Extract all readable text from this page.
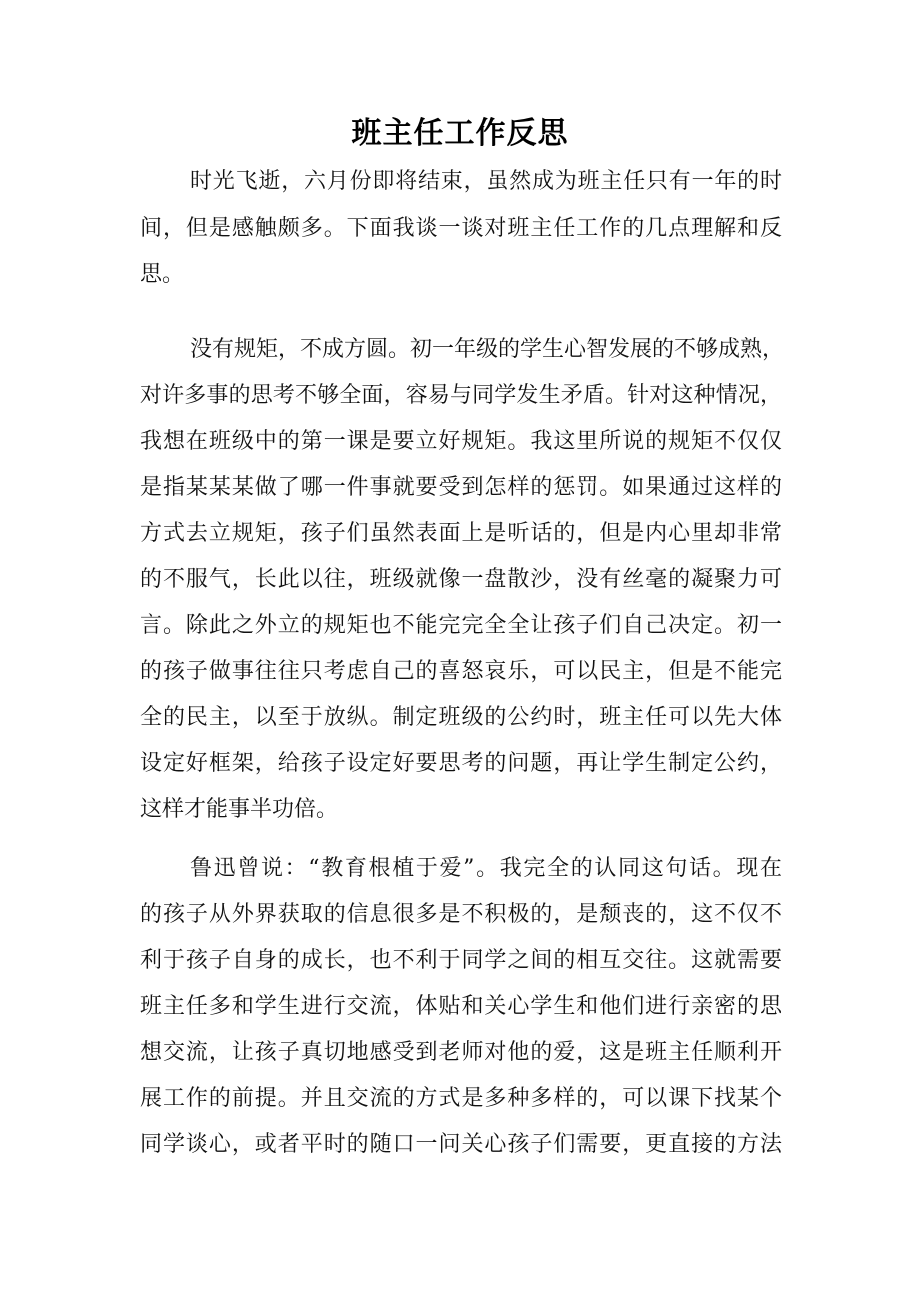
班主任工作反思
时光飞逝，六月份即将结束，虽然成为班主任只有一年的时
间，但是感触颇多。下面我谈一谈对班主任工作的几点理解和反
思。
没有规矩，不成方圆。初一年级的学生心智发展的不够成熟，
对许多事的思考不够全面，容易与同学发生矛盾。针对这种情况，
我想在班级中的第一课是要立好规矩。我这里所说的规矩不仅仅
是指某某某做了哪一件事就要受到怎样的惩罚。如果通过这样的
方式去立规矩，孩子们虽然表面上是听话的，但是内心里却非常
的不服气，长此以往，班级就像一盘散沙，没有丝毫的凝聚力可
言。除此之外立的规矩也不能完完全全让孩子们自己决定。初一
的孩子做事往往只考虑自己的喜怒哀乐，可以民主，但是不能完
全的民主，以至于放纵。制定班级的公约时，班主任可以先大体
设定好框架，给孩子设定好要思考的问题，再让学生制定公约，
这样才能事半功倍。
鲁迅曾说：“教育根植于爱”。我完全的认同这句话。现在
的孩子从外界获取的信息很多是不积极的，是颓丧的，这不仅不
利于孩子自身的成长，也不利于同学之间的相互交往。这就需要
班主任多和学生进行交流，体贴和关心学生和他们进行亲密的思
想交流，让孩子真切地感受到老师对他的爱，这是班主任顺利开
展工作的前提。并且交流的方式是多种多样的，可以课下找某个
同学谈心，或者平时的随口一问关心孩子们需要，更直接的方法
